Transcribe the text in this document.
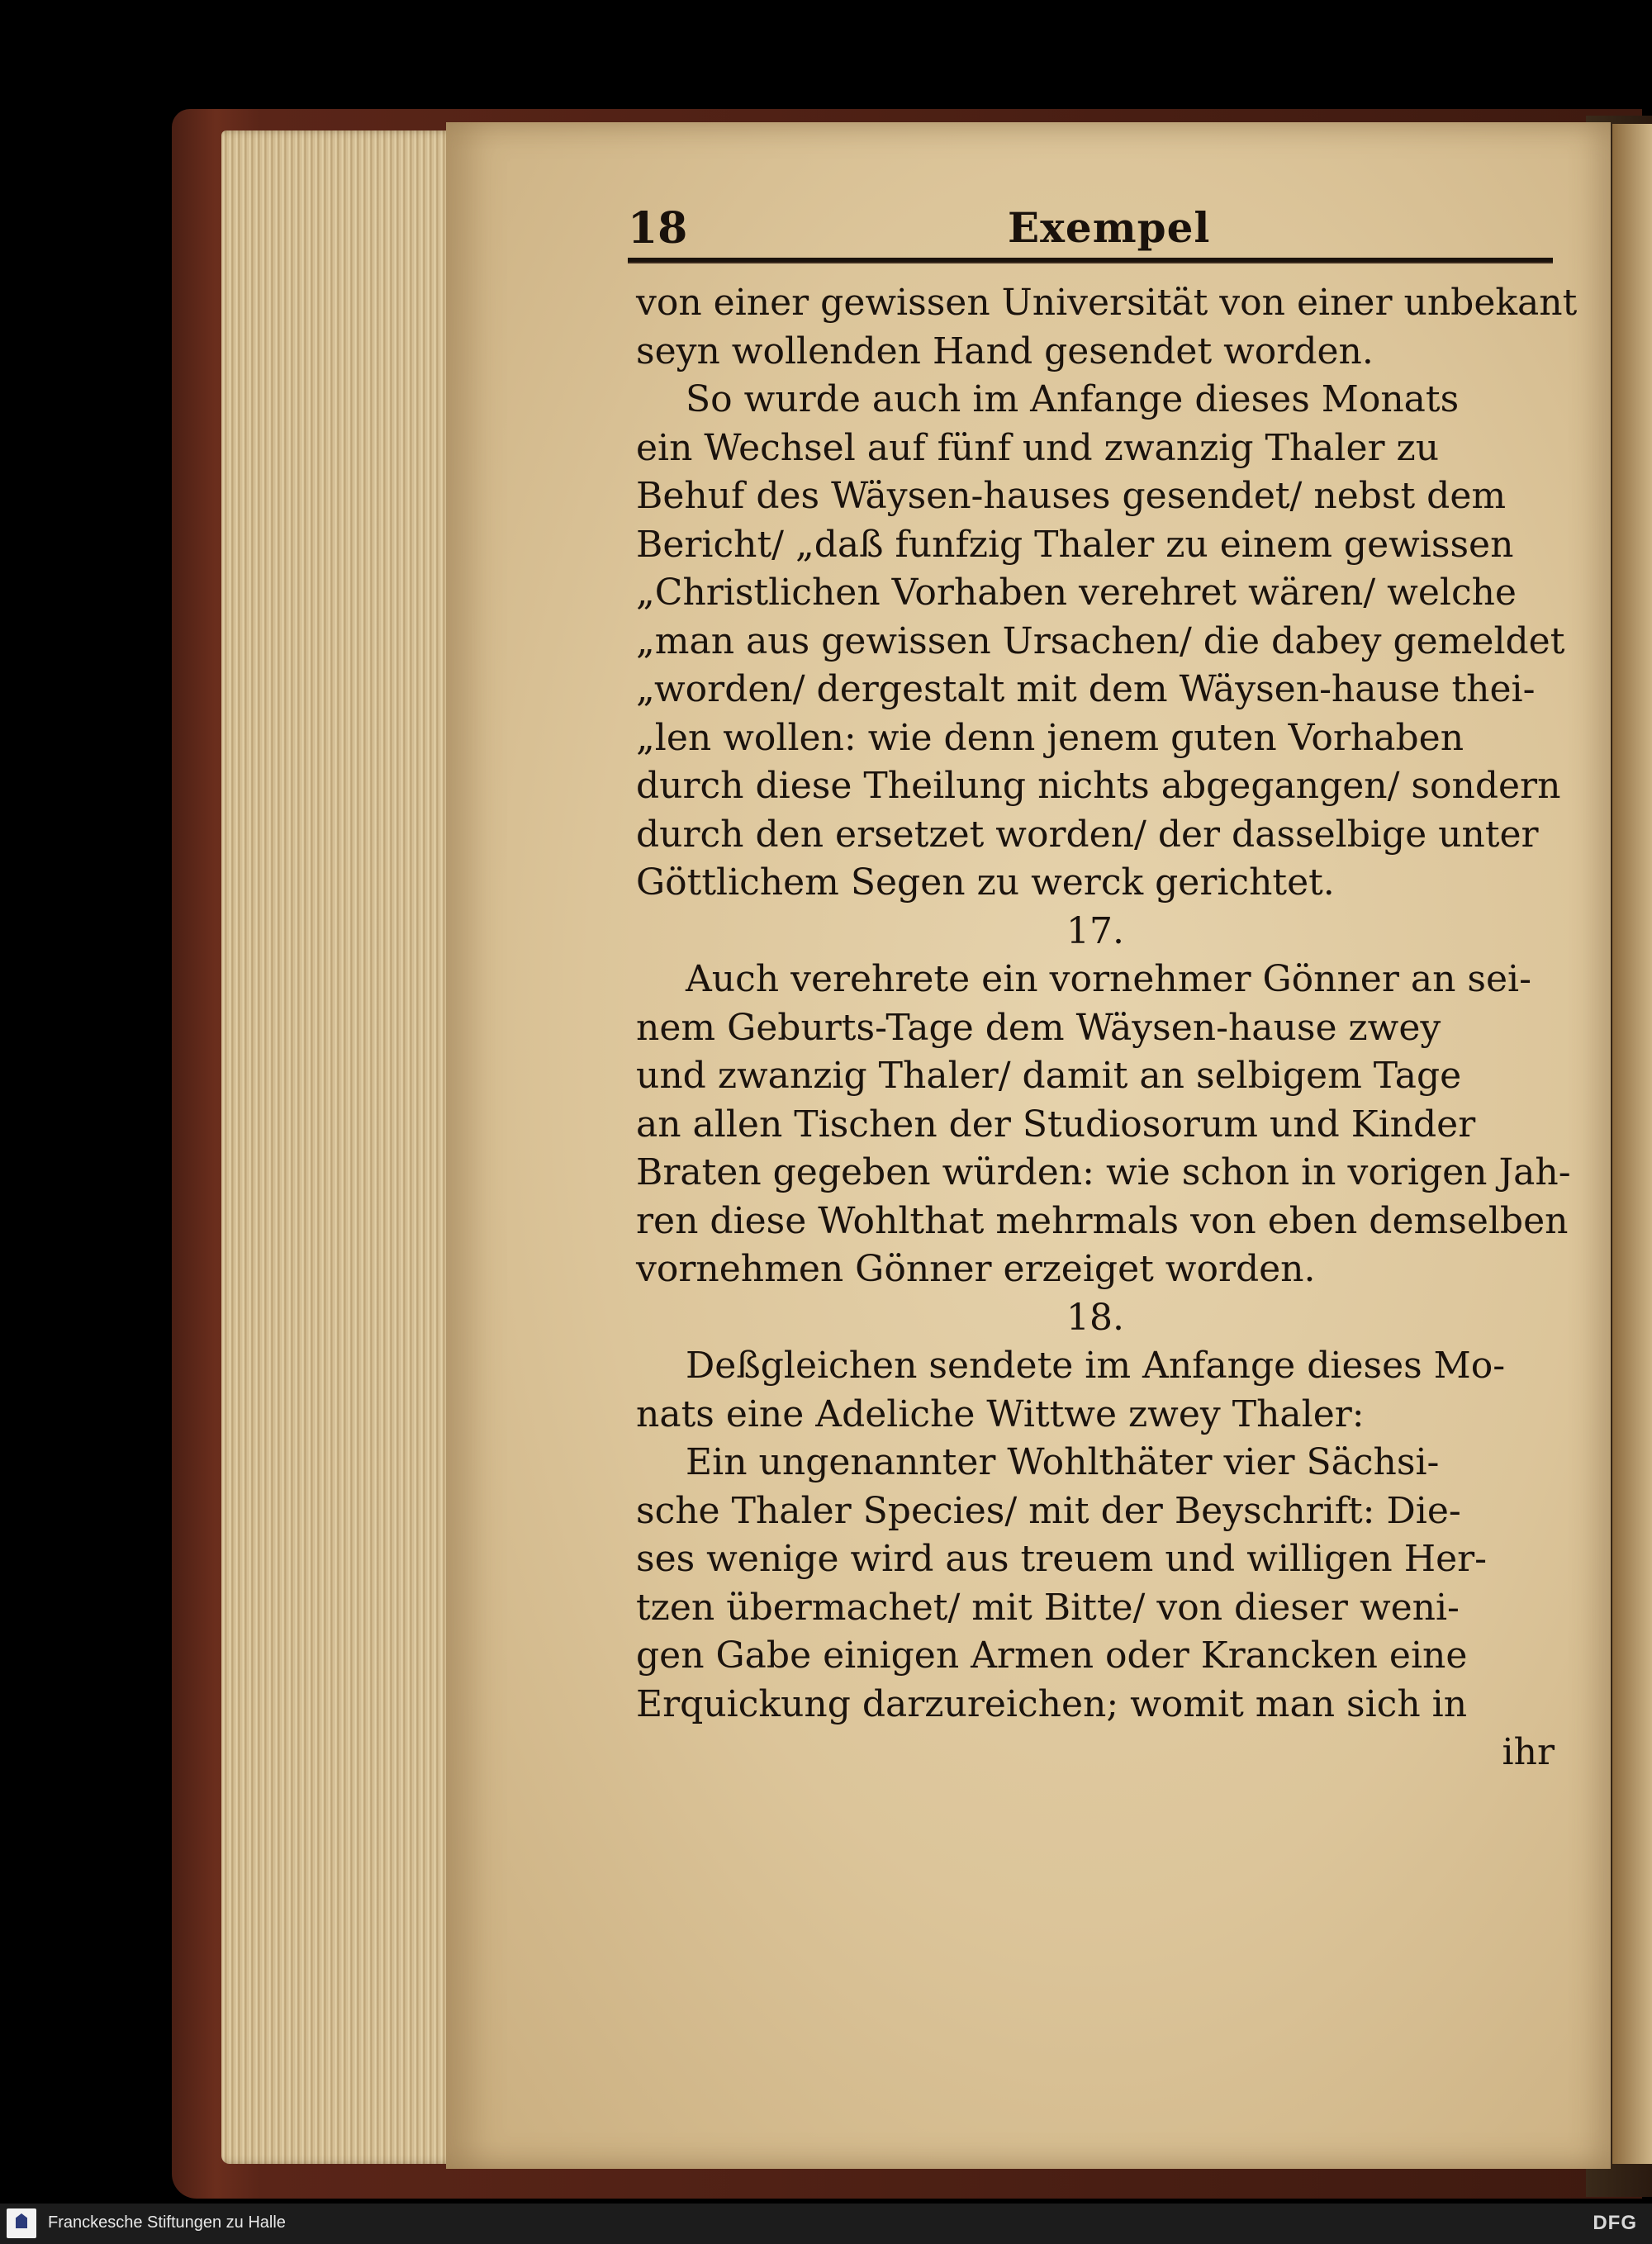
18	Exempel
von einer gewissen Universität von einer unbekant
seyn wollenden Hand gesendet worden.
So wurde auch im Anfange dieses Monats
ein Wechsel auf fünf und zwanzig Thaler zu
Behuf des Wäysen-hauses gesendet/ nebst dem
Bericht/ „daß funfzig Thaler zu einem gewissen
„Christlichen Vorhaben verehret wären/ welche
„man aus gewissen Ursachen/ die dabey gemeldet
„worden/ dergestalt mit dem Wäysen-hause thei-
„len wollen: wie denn jenem guten Vorhaben
durch diese Theilung nichts abgegangen/ sondern
durch den ersetzet worden/ der dasselbige unter
Göttlichem Segen zu werck gerichtet.
17.
Auch verehrete ein vornehmer Gönner an sei-
nem Geburts-Tage dem Wäysen-hause zwey
und zwanzig Thaler/ damit an selbigem Tage
an allen Tischen der Studiosorum und Kinder
Braten gegeben würden: wie schon in vorigen Jah-
ren diese Wohlthat mehrmals von eben demselben
vornehmen Gönner erzeiget worden.
18.
Deßgleichen sendete im Anfange dieses Mo-
nats eine Adeliche Wittwe zwey Thaler:
Ein ungenannter Wohlthäter vier Sächsi-
sche Thaler Species/ mit der Beyschrift: Die-
ses wenige wird aus treuem und willigen Her-
tzen übermachet/ mit Bitte/ von dieser weni-
gen Gabe einigen Armen oder Krancken eine
Erquickung darzureichen; womit man sich in
ihr
Franckesche Stiftungen zu Halle	DFG
